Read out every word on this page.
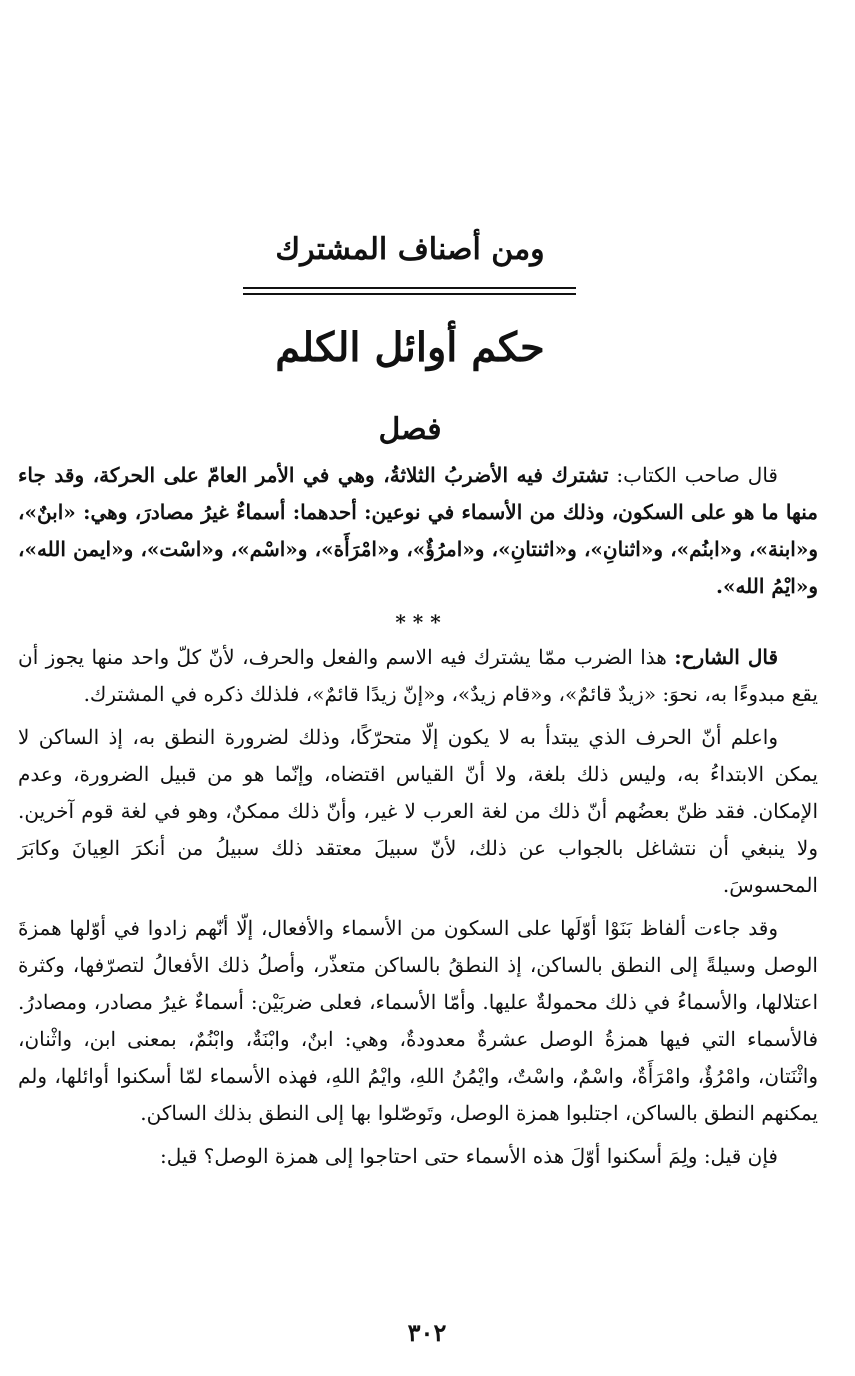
ومن أصناف المشترك
حكم أوائل الكلم
فصل

قال صاحب الكتاب: تشترك فيه الأضربُ الثلاثةُ، وهي في الأمر العامّ على الحركة، وقد جاء منها ما هو على السكون، وذلك من الأسماء في نوعين: أحدهما: أسماءٌ غيرُ مصادرَ، وهي: «ابنٌ»، و«ابنة»، و«ابنُم»، و«اثنانِ»، و«اثنتانِ»، و«امرُؤٌ»، و«امْرَأَة»، و«اسْم»، و«اسْت»، و«ايمن الله»، و«ايْمُ الله».

* * *

قال الشارح: هذا الضرب ممّا يشترك فيه الاسم والفعل والحرف، لأنّ كلّ واحد منها يجوز أن يقع مبدوءًا به، نحوَ: «زيدٌ قائمٌ»، و«قام زيدٌ»، و«إنّ زيدًا قائمٌ»، فلذلك ذكره في المشترك.

واعلم أنّ الحرف الذي يبتدأ به لا يكون إلّا متحرّكًا، وذلك لضرورة النطق به، إذ الساكن لا يمكن الابتداءُ به، وليس ذلك بلغة، ولا أنّ القياس اقتضاه، وإنّما هو من قبيل الضرورة، وعدم الإمكان. فقد ظنّ بعضُهم أنّ ذلك من لغة العرب لا غير، وأنّ ذلك ممكنٌ، وهو في لغة قوم آخرين. ولا ينبغي أن نتشاغل بالجواب عن ذلك، لأنّ سبيلَ معتقد ذلك سبيلُ من أنكرَ العِيانَ وكابَرَ المحسوسَ.

وقد جاءت ألفاظ بَنَوْا أوّلَها على السكون من الأسماء والأفعال، إلّا أنّهم زادوا في أوّلها همزةَ الوصل وسيلةً إلى النطق بالساكن، إذ النطقُ بالساكن متعذّر، وأصلُ ذلك الأفعالُ لتصرّفها، وكثرة اعتلالها، والأسماءُ في ذلك محمولةٌ عليها. وأمّا الأسماء، فعلى ضربَيْن: أسماءٌ غيرُ مصادر، ومصادرُ. فالأسماء التي فيها همزةُ الوصل عشرةٌ معدودةٌ، وهي: ابنٌ، وابْنَةٌ، وابْنُمٌ، بمعنى ابن، واثْنان، واثْنَتان، وامْرُؤٌ، وامْرَأَةٌ، واسْمٌ، واسْتٌ، وايْمُنُ اللهِ، وايْمُ اللهِ، فهذه الأسماء لمّا أسكنوا أوائلها، ولم يمكنهم النطق بالساكن، اجتلبوا همزة الوصل، وتَوصّلوا بها إلى النطق بذلك الساكن.

فإن قيل: ولِمَ أسكنوا أوّلَ هذه الأسماء حتى احتاجوا إلى همزة الوصل؟ قيل:

٣٠٢
